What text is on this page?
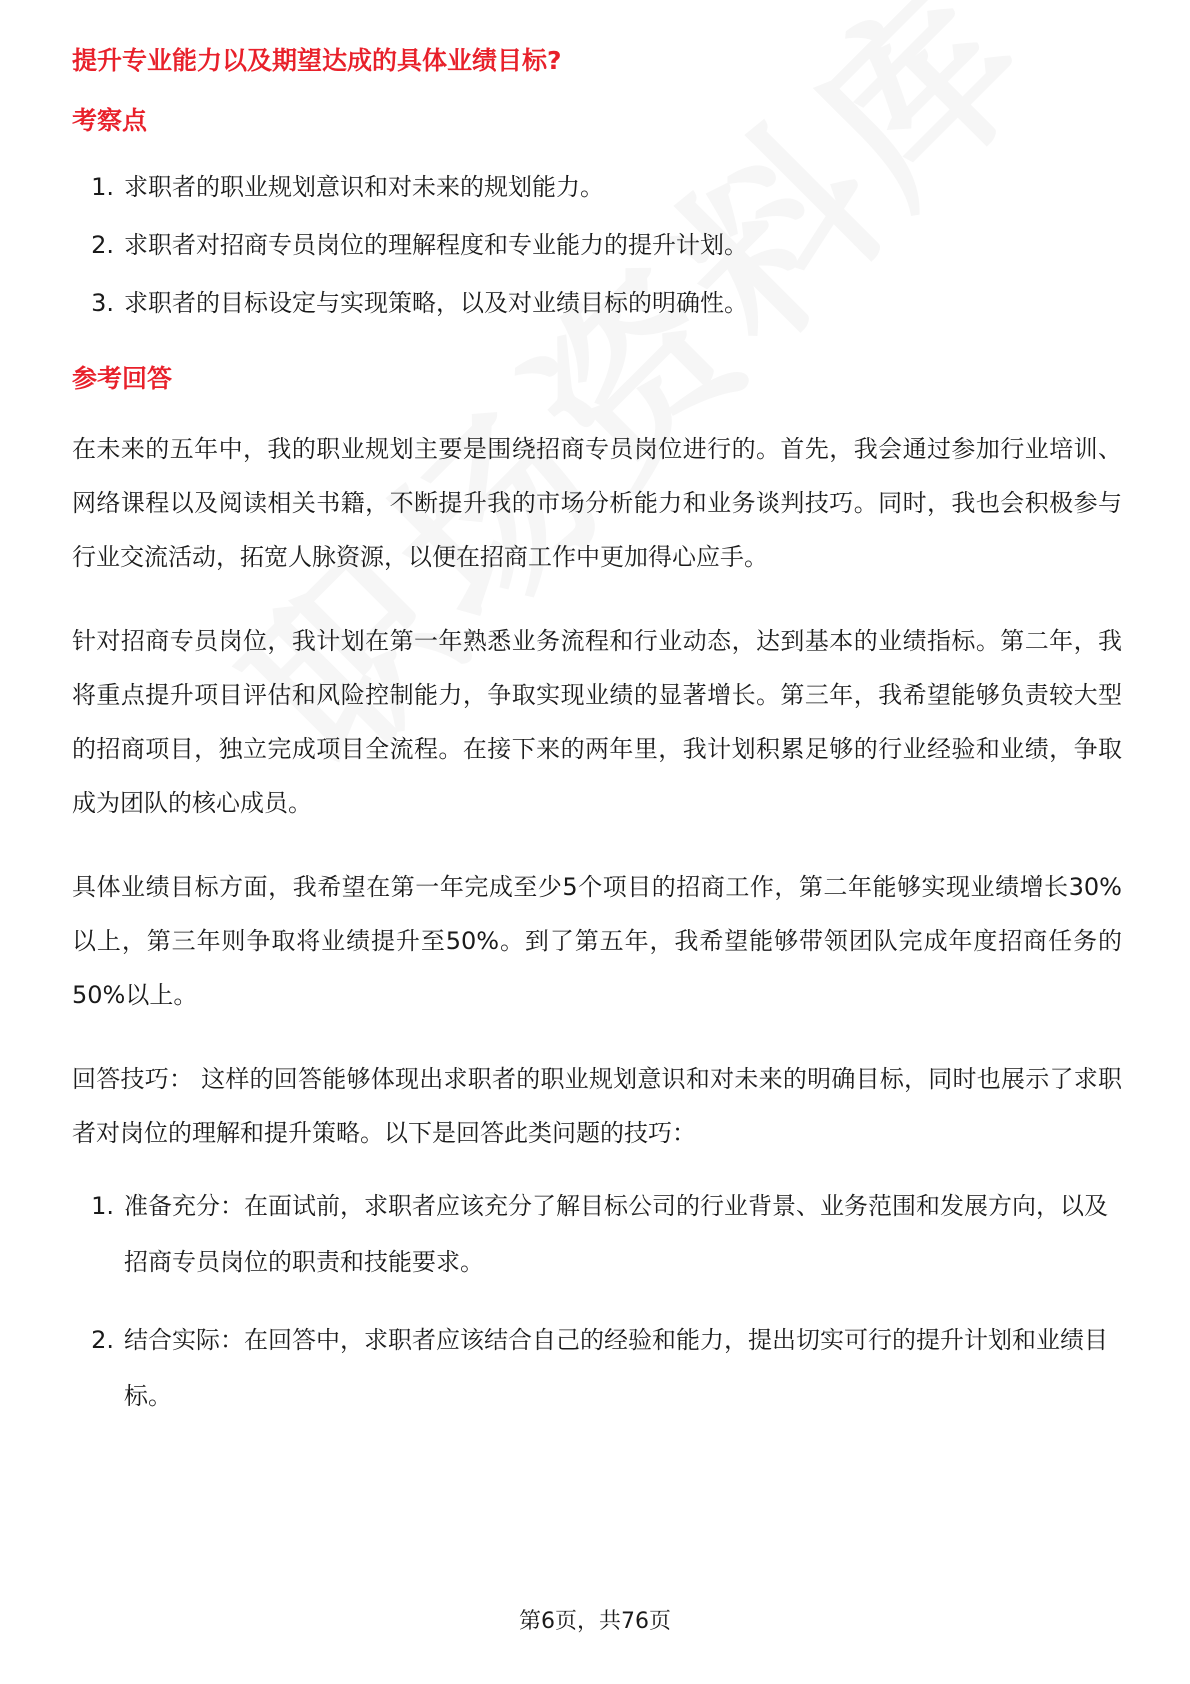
提升专业能力以及期望达成的具体业绩目标?
考察点
1. 求职者的职业规划意识和对未来的规划能力。
2. 求职者对招商专员岗位的理解程度和专业能力的提升计划。
3. 求职者的目标设定与实现策略，以及对业绩目标的明确性。
参考回答

在未来的五年中，我的职业规划主要是围绕招商专员岗位进行的。首先，我会通过参加行业培训、网络课程以及阅读相关书籍，不断提升我的市场分析能力和业务谈判技巧。同时，我也会积极参与行业交流活动，拓宽人脉资源，以便在招商工作中更加得心应手。

针对招商专员岗位，我计划在第一年熟悉业务流程和行业动态，达到基本的业绩指标。第二年，我将重点提升项目评估和风险控制能力，争取实现业绩的显著增长。第三年，我希望能够负责较大型的招商项目，独立完成项目全流程。在接下来的两年里，我计划积累足够的行业经验和业绩，争取成为团队的核心成员。

具体业绩目标方面，我希望在第一年完成至少5个项目的招商工作，第二年能够实现业绩增长30%以上，第三年则争取将业绩提升至50%。到了第五年，我希望能够带领团队完成年度招商任务的50%以上。

回答技巧： 这样的回答能够体现出求职者的职业规划意识和对未来的明确目标，同时也展示了求职者对岗位的理解和提升策略。以下是回答此类问题的技巧：

1. 准备充分：在面试前，求职者应该充分了解目标公司的行业背景、业务范围和发展方向，以及招商专员岗位的职责和技能要求。
2. 结合实际：在回答中，求职者应该结合自己的经验和能力，提出切实可行的提升计划和业绩目标。
第6页，共76页
